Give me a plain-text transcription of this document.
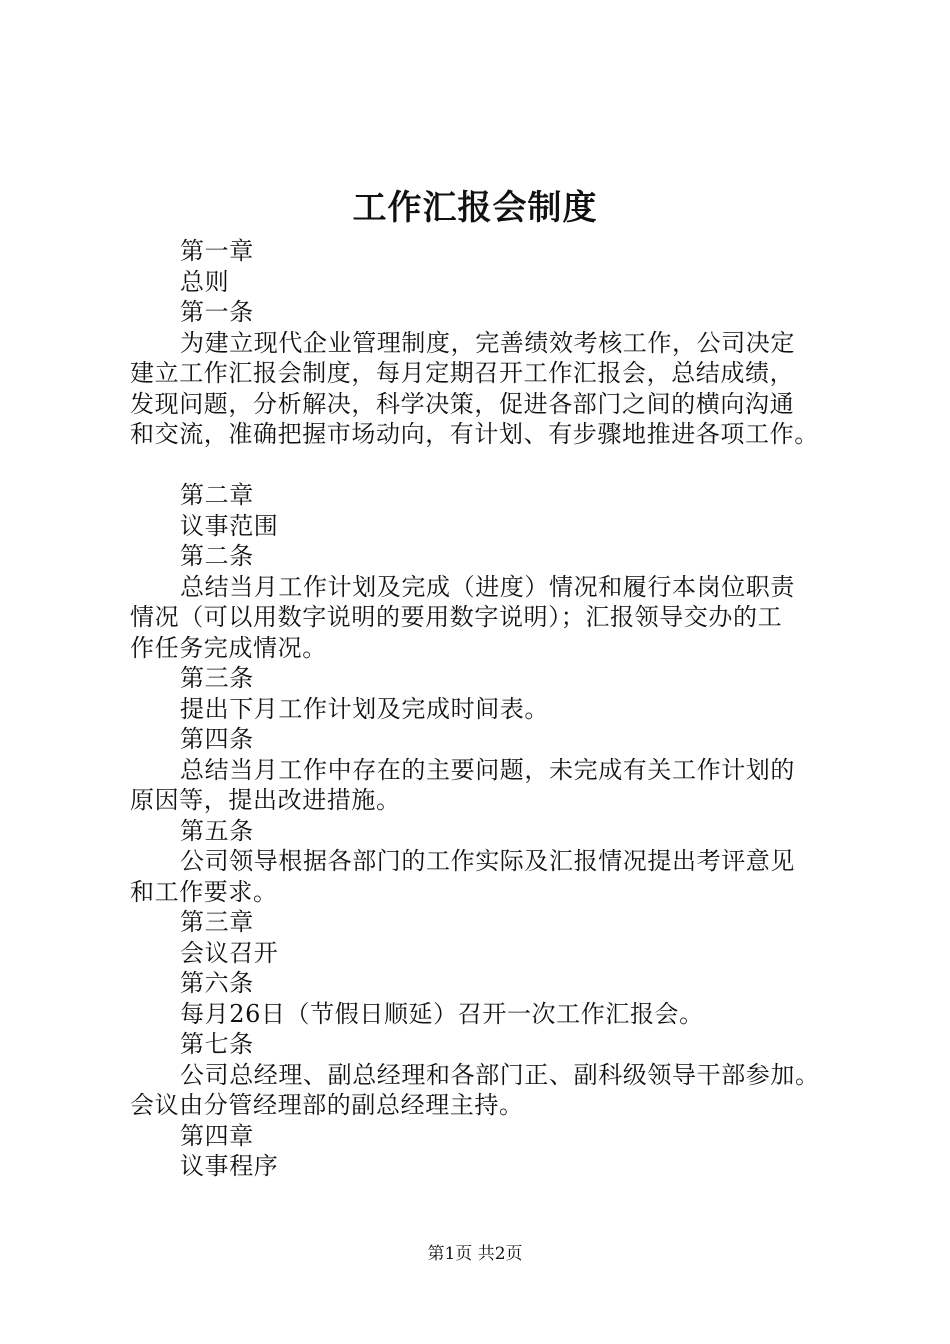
工作汇报会制度
第一章
总则
第一条
为建立现代企业管理制度，完善绩效考核工作，公司决定
建立工作汇报会制度，每月定期召开工作汇报会，总结成绩，
发现问题，分析解决，科学决策，促进各部门之间的横向沟通
和交流，准确把握市场动向，有计划、有步骤地推进各项工作。
第二章
议事范围
第二条
总结当月工作计划及完成（进度）情况和履行本岗位职责
情况（可以用数字说明的要用数字说明）；汇报领导交办的工
作任务完成情况。
第三条
提出下月工作计划及完成时间表。
第四条
总结当月工作中存在的主要问题，未完成有关工作计划的
原因等，提出改进措施。
第五条
公司领导根据各部门的工作实际及汇报情况提出考评意见
和工作要求。
第三章
会议召开
第六条
每月26日（节假日顺延）召开一次工作汇报会。
第七条
公司总经理、副总经理和各部门正、副科级领导干部参加。
会议由分管经理部的副总经理主持。
第四章
议事程序
第1页 共2页
